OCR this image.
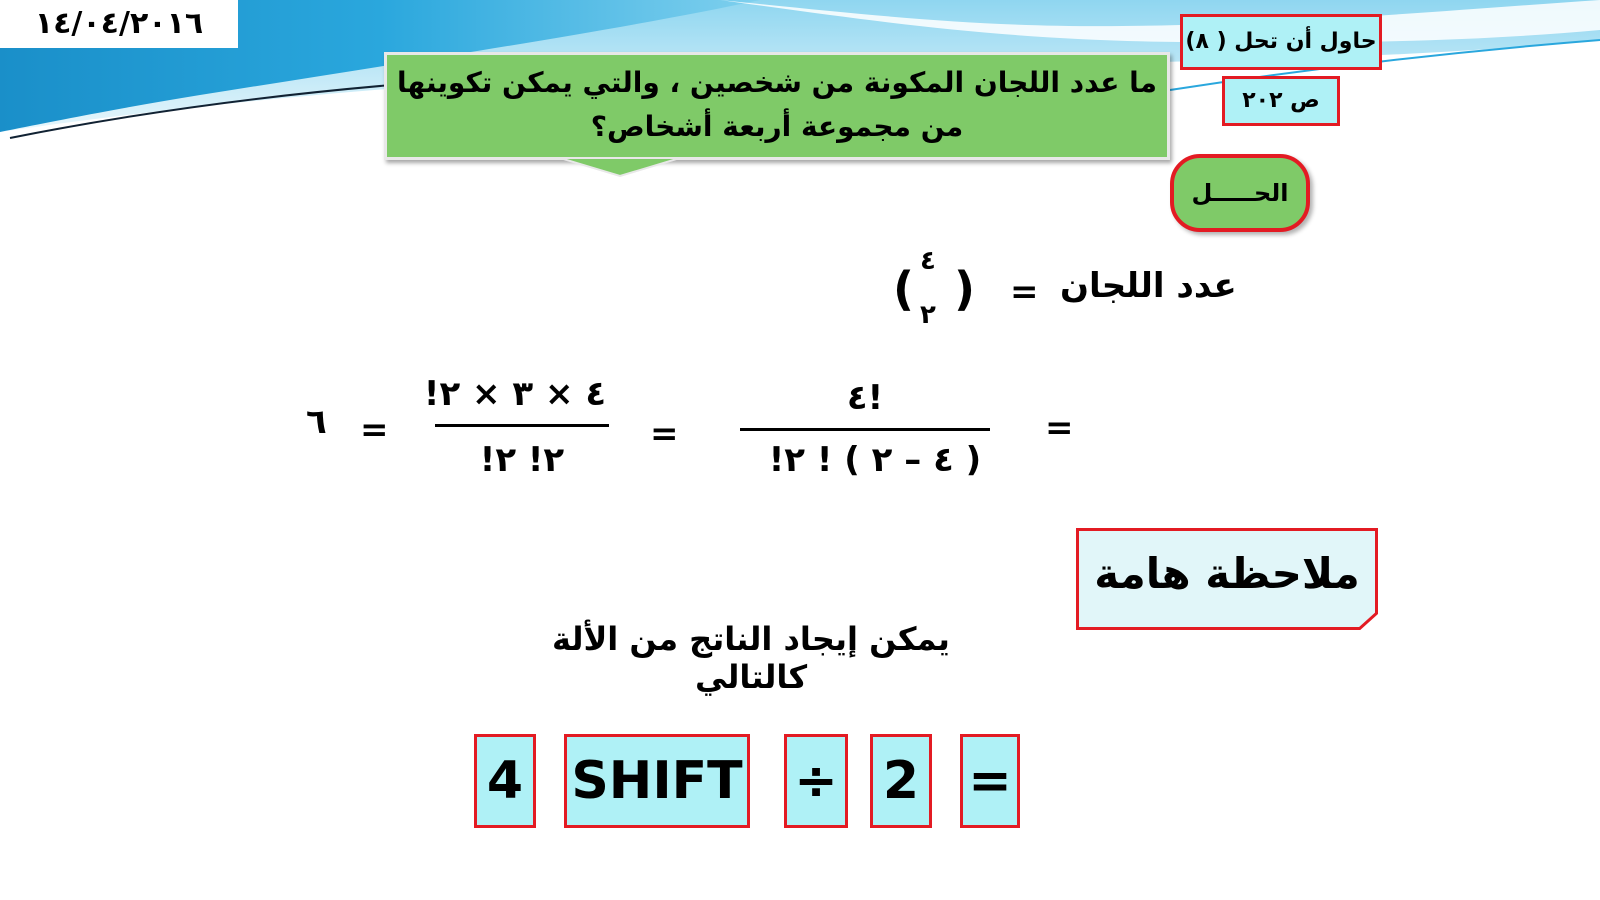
١٤/٠٤/٢٠١٦
ما عدد اللجان المكونة من شخصين ، والتي يمكن تكوينها
من مجموعة أربعة أشخاص؟
حاول أن تحل ( ٨)
ص ٢٠٢
الحـــــل
عدد اللجان
=
( )
٤
٢
=
٤!
( ٤ – ٢ ) ! ٢!
=
٤ × ٣ × ٢!
٢! ٢!
=
٦
ملاحظة هامة
يمكن إيجاد الناتج من الألة كالتالي
4 SHIFT ÷ 2 =
